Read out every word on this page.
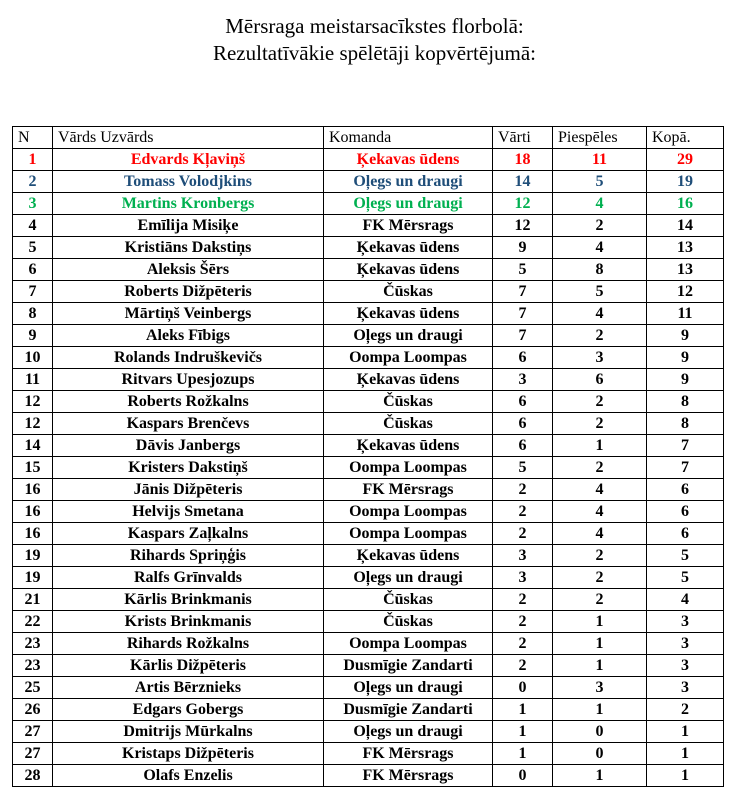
Mērsraga meistarsacīkstes florbolā:
Rezultatīvākie spēlētāji kopvērtējumā:
N	Vārds Uzvārds	Komanda	Vārti	Piespēles	Kopā.
1	Edvards Kļaviņš	Ķekavas ūdens	18	11	29
2	Tomass Volodjkins	Oļegs un draugi	14	5	19
3	Martins Kronbergs	Oļegs un draugi	12	4	16
4	Emīlija Misiķe	FK Mērsrags	12	2	14
5	Kristiāns Dakstiņs	Ķekavas ūdens	9	4	13
6	Aleksis Šērs	Ķekavas ūdens	5	8	13
7	Roberts Dižpēteris	Čūskas	7	5	12
8	Mārtiņš Veinbergs	Ķekavas ūdens	7	4	11
9	Aleks Fībigs	Oļegs un draugi	7	2	9
10	Rolands Indruškevičs	Oompa Loompas	6	3	9
11	Ritvars Upesjozups	Ķekavas ūdens	3	6	9
12	Roberts Rožkalns	Čūskas	6	2	8
12	Kaspars Brenčevs	Čūskas	6	2	8
14	Dāvis Janbergs	Ķekavas ūdens	6	1	7
15	Kristers Dakstiņš	Oompa Loompas	5	2	7
16	Jānis Dižpēteris	FK Mērsrags	2	4	6
16	Helvijs Smetana	Oompa Loompas	2	4	6
16	Kaspars Zaļkalns	Oompa Loompas	2	4	6
19	Rihards Spriņģis	Ķekavas ūdens	3	2	5
19	Ralfs Grīnvalds	Oļegs un draugi	3	2	5
21	Kārlis Brinkmanis	Čūskas	2	2	4
22	Krists Brinkmanis	Čūskas	2	1	3
23	Rihards Rožkalns	Oompa Loompas	2	1	3
23	Kārlis Dižpēteris	Dusmīgie Zandarti	2	1	3
25	Artis Bērznieks	Oļegs un draugi	0	3	3
26	Edgars Gobergs	Dusmīgie Zandarti	1	1	2
27	Dmitrijs Mūrkalns	Oļegs un draugi	1	0	1
27	Kristaps Dižpēteris	FK Mērsrags	1	0	1
28	Olafs Enzelis	FK Mērsrags	0	1	1
